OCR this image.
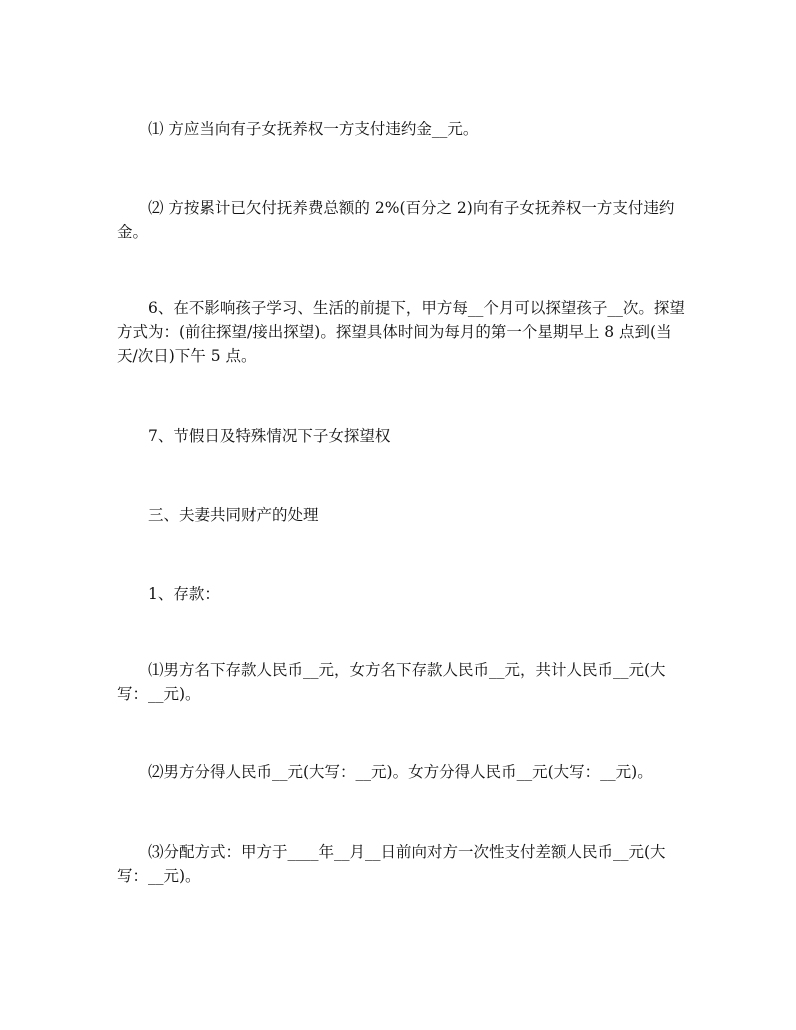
⑴ 方应当向有子女抚养权一方支付违约金__元。

⑵ 方按累计已欠付抚养费总额的 2%(百分之 2)向有子女抚养权一方支付违约金。

6、在不影响孩子学习、生活的前提下，甲方每__个月可以探望孩子__次。探望方式为：(前往探望/接出探望)。探望具体时间为每月的第一个星期早上 8 点到(当天/次日)下午 5 点。

7、节假日及特殊情况下子女探望权

三、夫妻共同财产的处理

1、存款：

⑴男方名下存款人民币__元，女方名下存款人民币__元，共计人民币__元(大写：__元)。

⑵男方分得人民币__元(大写：__元)。女方分得人民币__元(大写：__元)。

⑶分配方式：甲方于____年__月__日前向对方一次性支付差额人民币__元(大写：__元)。
